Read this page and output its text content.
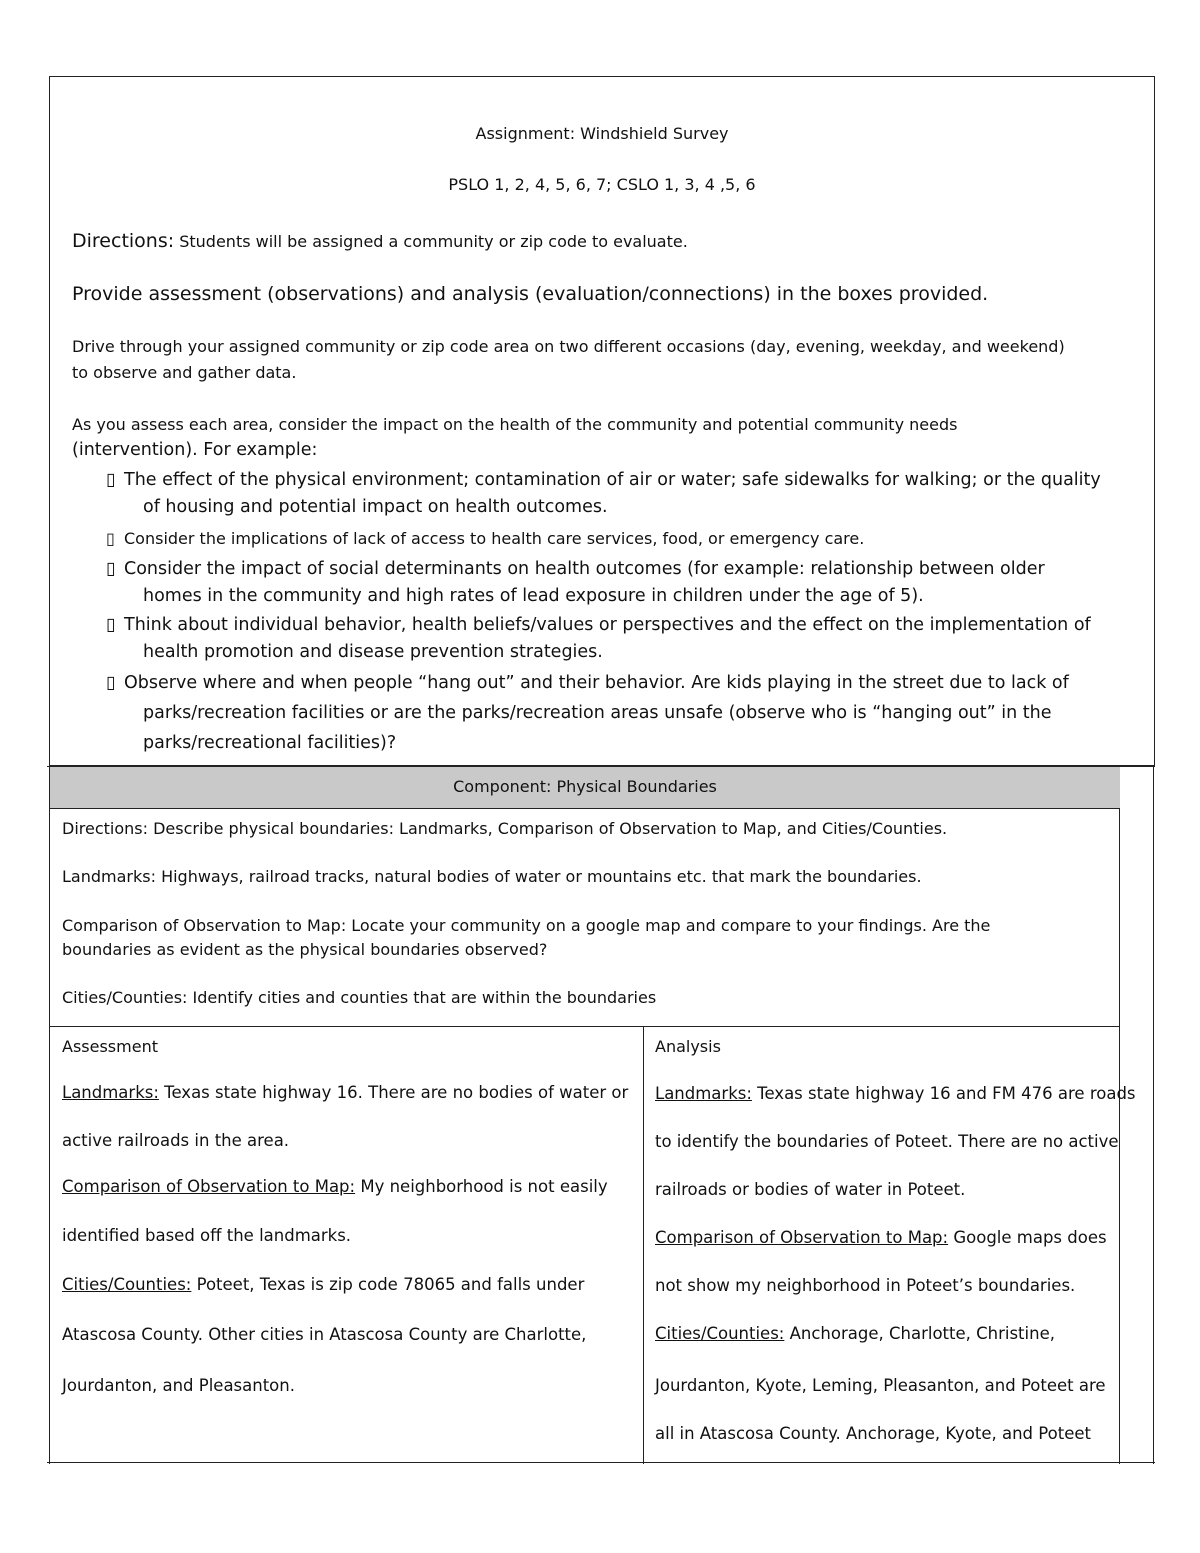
Assignment: Windshield Survey
PSLO 1, 2, 4, 5, 6, 7; CSLO 1, 3, 4 ,5, 6
Directions: Students will be assigned a community or zip code to evaluate.
Provide assessment (observations) and analysis (evaluation/connections) in the boxes provided.
Drive through your assigned community or zip code area on two different occasions (day, evening, weekday, and weekend)
to observe and gather data.
As you assess each area, consider the impact on the health of the community and potential community needs
(intervention). For example:
▯ The effect of the physical environment; contamination of air or water; safe sidewalks for walking; or the quality
of housing and potential impact on health outcomes.
▯ Consider the implications of lack of access to health care services, food, or emergency care.
▯ Consider the impact of social determinants on health outcomes (for example: relationship between older
homes in the community and high rates of lead exposure in children under the age of 5).
▯ Think about individual behavior, health beliefs/values or perspectives and the effect on the implementation of
health promotion and disease prevention strategies.
▯ Observe where and when people “hang out” and their behavior. Are kids playing in the street due to lack of
parks/recreation facilities or are the parks/recreation areas unsafe (observe who is “hanging out” in the
parks/recreational facilities)?
Component: Physical Boundaries
Directions: Describe physical boundaries: Landmarks, Comparison of Observation to Map, and Cities/Counties.
Landmarks: Highways, railroad tracks, natural bodies of water or mountains etc. that mark the boundaries.
Comparison of Observation to Map: Locate your community on a google map and compare to your findings. Are the
boundaries as evident as the physical boundaries observed?
Cities/Counties: Identify cities and counties that are within the boundaries
Assessment
Landmarks: Texas state highway 16. There are no bodies of water or
active railroads in the area.
Comparison of Observation to Map: My neighborhood is not easily
identified based off the landmarks.
Cities/Counties: Poteet, Texas is zip code 78065 and falls under
Atascosa County. Other cities in Atascosa County are Charlotte,
Jourdanton, and Pleasanton.
Analysis
Landmarks: Texas state highway 16 and FM 476 are roads
to identify the boundaries of Poteet. There are no active
railroads or bodies of water in Poteet.
Comparison of Observation to Map: Google maps does
not show my neighborhood in Poteet’s boundaries.
Cities/Counties: Anchorage, Charlotte, Christine,
Jourdanton, Kyote, Leming, Pleasanton, and Poteet are
all in Atascosa County. Anchorage, Kyote, and Poteet
